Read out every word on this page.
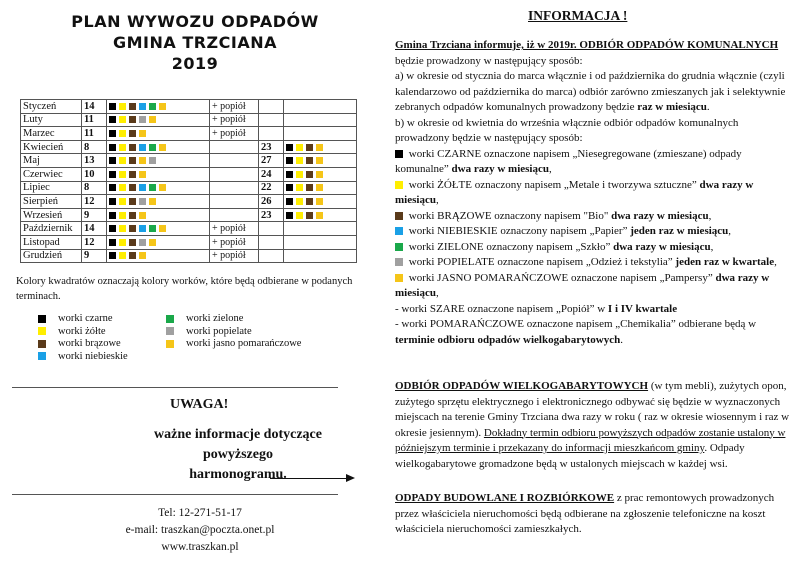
PLAN WYWOZU ODPADÓW
GMINA TRZCIANA
2019
Styczeń	14		+ popiół		
Luty	11		+ popiół		
Marzec	11		+ popiół		
Kwiecień	8			23	
Maj	13			27	
Czerwiec	10			24	
Lipiec	8			22	
Sierpień	12			26	
Wrzesień	9			23	
Październik	14		+ popiół		
Listopad	12		+ popiół		
Grudzień	9		+ popiół		
Kolory kwadratów oznaczają kolory worków, które będą odbierane w podanych terminach.
worki czarne
worki żółte
worki brązowe
worki niebieskie
worki zielone
worki popielate
worki jasno pomarańczowe
UWAGA!
ważne informacje dotyczące powyższego
harmonogramu.
Tel: 12-271-51-17
e-mail: traszkan@poczta.onet.pl
www.traszkan.pl
INFORMACJA !

Gmina Trzciana informuje, iż w 2019r. ODBIÓR ODPADÓW KOMUNALNYCH będzie prowadzony w następujący sposób:

a) w okresie od stycznia do marca włącznie i od października do grudnia włącznie (czyli kalendarzowo od października do marca) odbiór zarówno zmieszanych jak i selektywnie zebranych odpadów komunalnych prowadzony będzie raz w miesiącu.

b) w okresie od kwietnia do września włącznie odbiór odpadów komunalnych prowadzony będzie w następujący sposób:

worki CZARNE oznaczone napisem „Niesegregowane (zmieszane) odpady komunalne” dwa razy w miesiącu,

worki ŻÓŁTE oznaczony napisem „Metale i tworzywa sztuczne” dwa razy w miesiącu,

worki BRĄZOWE oznaczony napisem "Bio" dwa razy w miesiącu,

worki NIEBIESKIE oznaczony napisem „Papier” jeden raz w miesiącu,

worki ZIELONE oznaczony napisem „Szkło” dwa razy w miesiącu,

worki POPIELATE oznaczone napisem „Odzież i tekstylia” jeden raz w kwartale,

worki JASNO POMARAŃCZOWE oznaczone napisem „Pampersy” dwa razy w miesiącu,

- worki SZARE oznaczone napisem „Popiół” w I i IV kwartale

- worki POMARAŃCZOWE oznaczone napisem „Chemikalia” odbierane będą w terminie odbioru odpadów wielkogabarytowych.

ODBIÓR ODPADÓW WIELKOGABARYTOWYCH (w tym mebli), zużytych opon, zużytego sprzętu elektrycznego i elektronicznego odbywać się będzie w wyznaczonych miejscach na terenie Gminy Trzciana dwa razy w roku ( raz w okresie wiosennym i raz w okresie jesiennym). Dokładny termin odbioru powyższych odpadów zostanie ustalony w późniejszym terminie i przekazany do informacji mieszkańcom gminy. Odpady wielkogabarytowe gromadzone będą w ustalonych miejscach w każdej wsi.

ODPADY BUDOWLANE I ROZBIÓRKOWE z prac remontowych prowadzonych przez właściciela nieruchomości będą odbierane na zgłoszenie telefoniczne na koszt właściciela nieruchomości zamieszkałych.
